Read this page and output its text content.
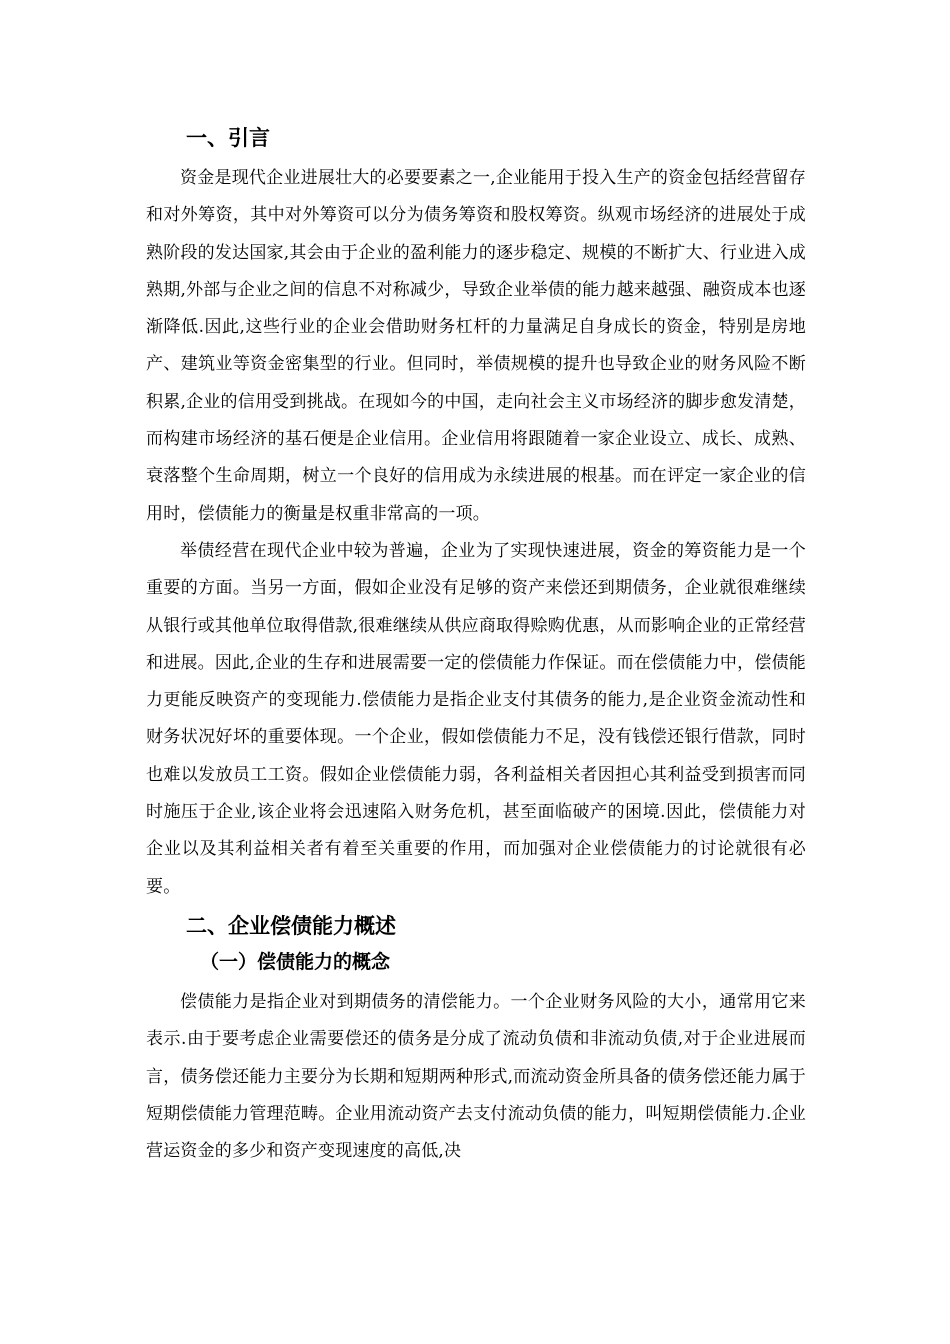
一、引言

资金是现代企业进展壮大的必要要素之一,企业能用于投入生产的资金包括经营留存和对外筹资，其中对外筹资可以分为债务筹资和股权筹资。纵观市场经济的进展处于成熟阶段的发达国家,其会由于企业的盈利能力的逐步稳定、规模的不断扩大、行业进入成熟期,外部与企业之间的信息不对称减少，导致企业举债的能力越来越强、融资成本也逐渐降低.因此,这些行业的企业会借助财务杠杆的力量满足自身成长的资金，特别是房地产、建筑业等资金密集型的行业。但同时，举债规模的提升也导致企业的财务风险不断积累,企业的信用受到挑战。在现如今的中国，走向社会主义市场经济的脚步愈发清楚，而构建市场经济的基石便是企业信用。企业信用将跟随着一家企业设立、成长、成熟、衰落整个生命周期，树立一个良好的信用成为永续进展的根基。而在评定一家企业的信用时，偿债能力的衡量是权重非常高的一项。

举债经营在现代企业中较为普遍，企业为了实现快速进展，资金的筹资能力是一个重要的方面。当另一方面，假如企业没有足够的资产来偿还到期债务，企业就很难继续从银行或其他单位取得借款,很难继续从供应商取得赊购优惠，从而影响企业的正常经营和进展。因此,企业的生存和进展需要一定的偿债能力作保证。而在偿债能力中，偿债能力更能反映资产的变现能力.偿债能力是指企业支付其债务的能力,是企业资金流动性和财务状况好坏的重要体现。一个企业，假如偿债能力不足，没有钱偿还银行借款，同时也难以发放员工工资。假如企业偿债能力弱，各利益相关者因担心其利益受到损害而同时施压于企业,该企业将会迅速陷入财务危机，甚至面临破产的困境.因此，偿债能力对企业以及其利益相关者有着至关重要的作用，而加强对企业偿债能力的讨论就很有必要。

二、企业偿债能力概述
（一）偿债能力的概念

偿债能力是指企业对到期债务的清偿能力。一个企业财务风险的大小，通常用它来表示.由于要考虑企业需要偿还的债务是分成了流动负债和非流动负债,对于企业进展而言，债务偿还能力主要分为长期和短期两种形式,而流动资金所具备的债务偿还能力属于短期偿债能力管理范畴。企业用流动资产去支付流动负债的能力，叫短期偿债能力.企业营运资金的多少和资产变现速度的高低,决
